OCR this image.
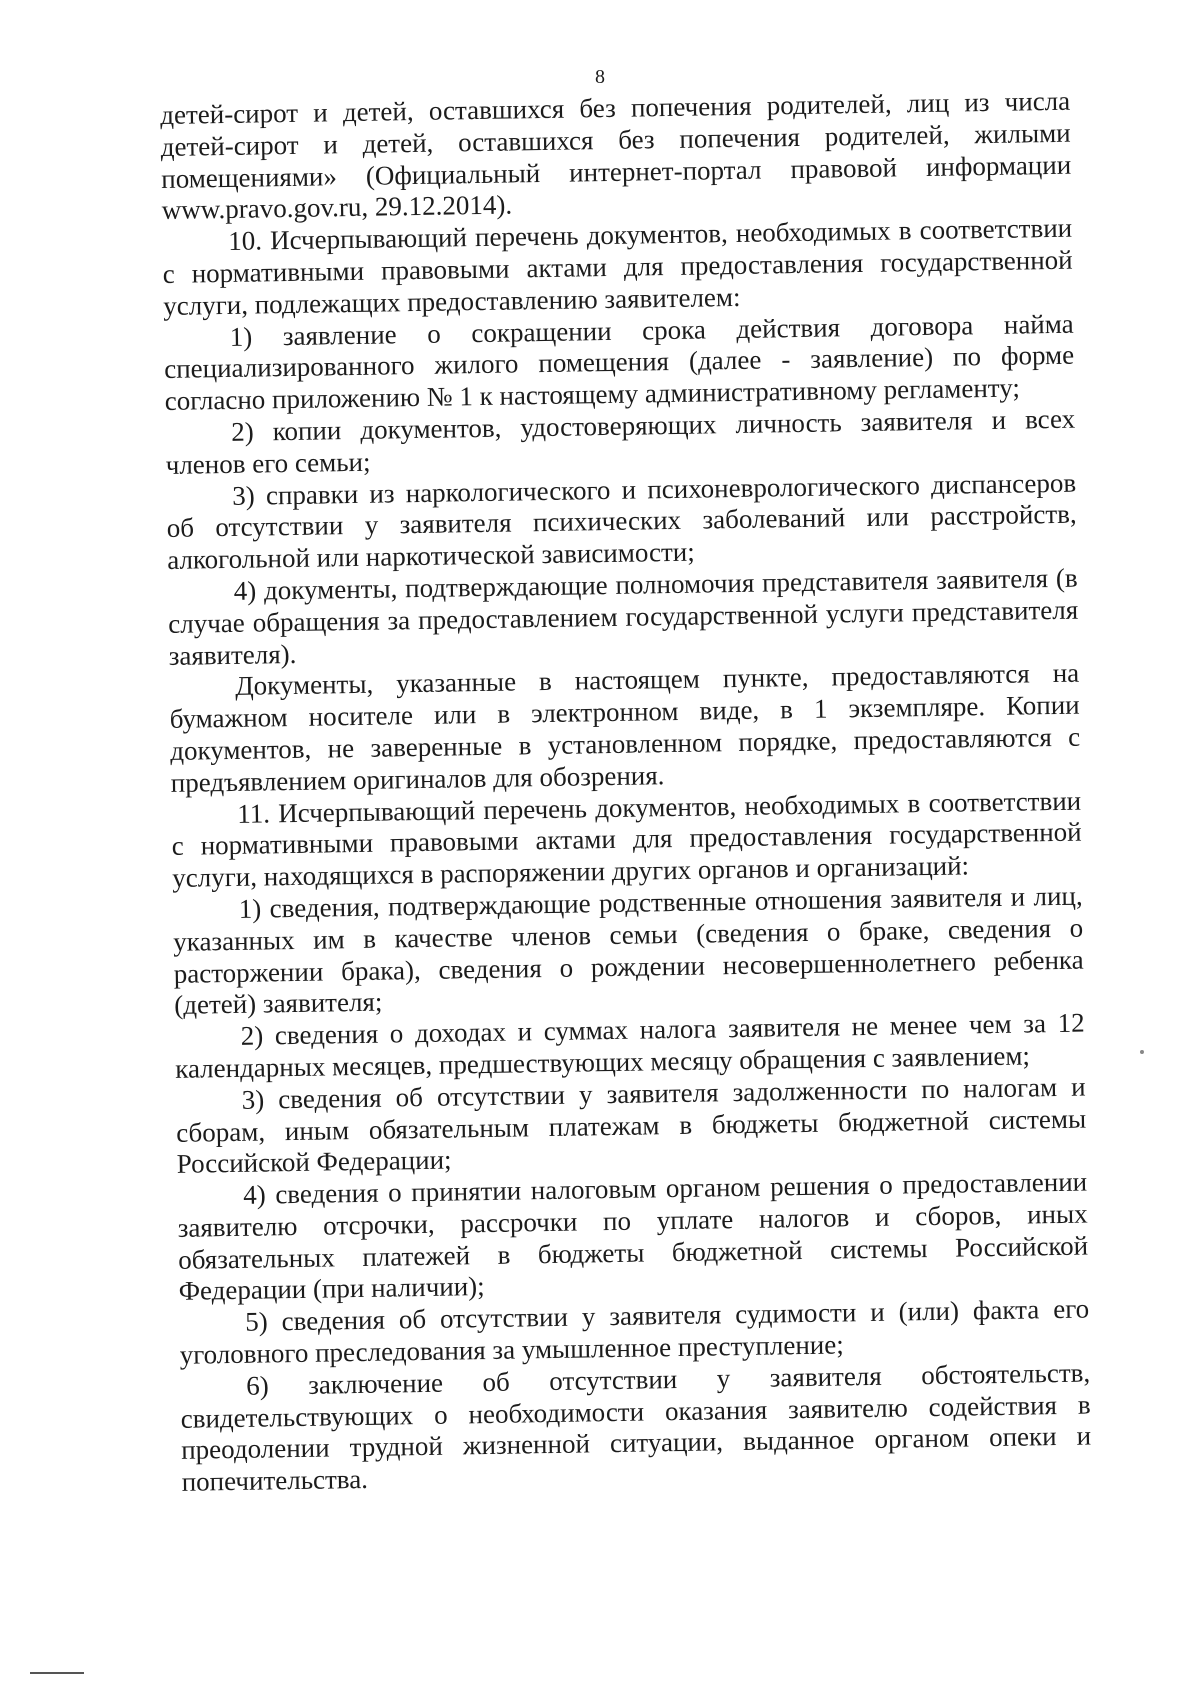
8

детей-сирот и детей, оставшихся без попечения родителей, лиц из числа детей-сирот и детей, оставшихся без попечения родителей, жилыми помещениями» (Официальный интернет-портал правовой информации www.pravo.gov.ru, 29.12.2014).

10. Исчерпывающий перечень документов, необходимых в соответствии с нормативными правовыми актами для предоставления государственной услуги, подлежащих предоставлению заявителем:

1) заявление о сокращении срока действия договора найма специализированного жилого помещения (далее - заявление) по форме согласно приложению № 1 к настоящему административному регламенту;

2) копии документов, удостоверяющих личность заявителя и всех членов его семьи;

3) справки из наркологического и психоневрологического диспансеров об отсутствии у заявителя психических заболеваний или расстройств, алкогольной или наркотической зависимости;

4) документы, подтверждающие полномочия представителя заявителя (в случае обращения за предоставлением государственной услуги представителя заявителя).

Документы, указанные в настоящем пункте, предоставляются на бумажном носителе или в электронном виде, в 1 экземпляре. Копии документов, не заверенные в установленном порядке, предоставляются с предъявлением оригиналов для обозрения.

11. Исчерпывающий перечень документов, необходимых в соответствии с нормативными правовыми актами для предоставления государственной услуги, находящихся в распоряжении других органов и организаций:

1) сведения, подтверждающие родственные отношения заявителя и лиц, указанных им в качестве членов семьи (сведения о браке, сведения о расторжении брака), сведения о рождении несовершеннолетнего ребенка (детей) заявителя;

2) сведения о доходах и суммах налога заявителя не менее чем за 12 календарных месяцев, предшествующих месяцу обращения с заявлением;

3) сведения об отсутствии у заявителя задолженности по налогам и сборам, иным обязательным платежам в бюджеты бюджетной системы Российской Федерации;

4) сведения о принятии налоговым органом решения о предоставлении заявителю отсрочки, рассрочки по уплате налогов и сборов, иных обязательных платежей в бюджеты бюджетной системы Российской Федерации (при наличии);

5) сведения об отсутствии у заявителя судимости и (или) факта его уголовного преследования за умышленное преступление;

6) заключение об отсутствии у заявителя обстоятельств, свидетельствующих о необходимости оказания заявителю содействия в преодолении трудной жизненной ситуации, выданное органом опеки и попечительства.
